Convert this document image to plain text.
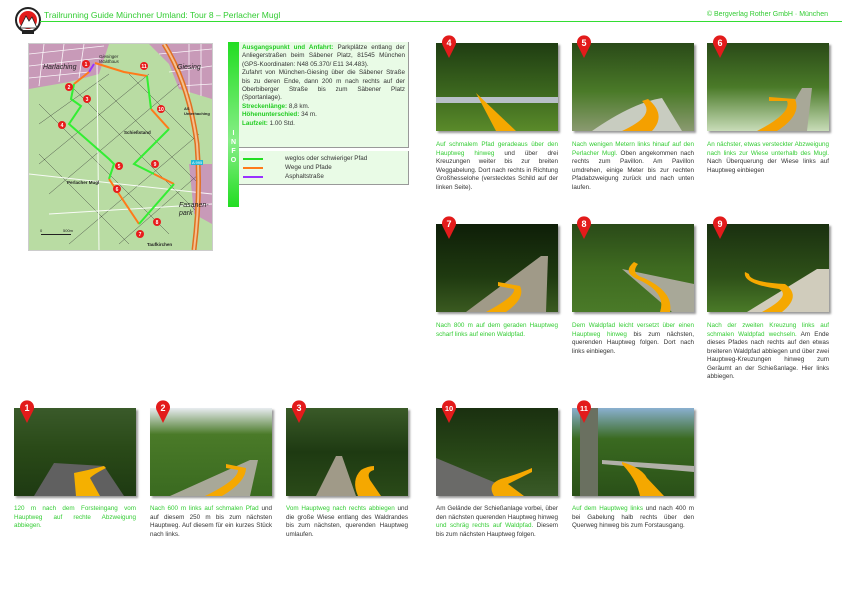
Trailrunning Guide Münchner Umland: Tour 8 – Perlacher Mugl	© Bergverlag Rother GmbH · München
1
2
3
4
5
6
7
8
9
10
11
Harlaching	Giesing
Giesinger Waldhaus
Schießstand
Perlacher Mugl
Fasanen-park
Taufkirchen
AS Unterhaching
A 995
0	500m
I
N
F
O
Ausgangspunkt und Anfahrt: Parkplätze entlang der Anliegerstraßen beim Säbener Platz, 81545 München (GPS-Koordinaten: N48 05.370/ E11 34.483).
Zufahrt von München-Giesing über die Säbener Straße bis zu deren Ende, dann 200 m nach rechts auf der Oberbiberger Straße bis zum Säbener Platz (Sportanlage).
Streckenlänge: 8,8 km.
Höhenunterschied: 34 m.
Laufzeit: 1.00 Std.
weglos oder schwieriger Pfad
Wege und Pfade
Asphaltstraße
4
Auf schmalem Pfad geradeaus über den Hauptweg hinweg und über drei Kreuzungen weiter bis zur breiten Weggabelung. Dort nach rechts in Richtung Großhesselohe (verstecktes Schild auf der linken Seite).
5
Nach wenigen Metern links hinauf auf den Perlacher Mugl. Oben angekommen nach rechts zum Pavillon. Am Pavillon umdrehen, einige Meter bis zur rechten Pfadabzweigung zurück und nach unten laufen.
6
An nächster, etwas versteckter Abzweigung nach links zur Wiese unterhalb des Mugl. Nach Überquerung der Wiese links auf Hauptweg einbiegen
7
Nach 800 m auf dem geraden Hauptweg scharf links auf einen Waldpfad.
8
Dem Waldpfad leicht versetzt über einen Hauptweg hinweg bis zum nächsten, querenden Hauptweg folgen. Dort nach links einbiegen.
9
Nach der zweiten Kreuzung links auf schmalen Waldpfad wechseln. Am Ende dieses Pfades nach rechts auf den etwas breiteren Waldpfad abbiegen und über zwei Hauptweg-Kreuzungen hinweg zum Geräumt an der Schießanlage. Hier links abbiegen.
1
120 m nach dem Forsteingang vom Hauptweg auf rechte Abzweigung abbiegen.
2
Nach 600 m links auf schmalen Pfad und auf diesem 250 m bis zum nächsten Hauptweg. Auf diesem für ein kurzes Stück nach links.
3
Vom Hauptweg nach rechts abbiegen und die große Wiese entlang des Waldrandes bis zum nächsten, querenden Hauptweg umlaufen.
10
Am Gelände der Schießanlage vorbei, über den nächsten querenden Hauptweg hinweg und schräg rechts auf Waldpfad. Diesem bis zum nächsten Hauptweg folgen.
11
Auf dem Hauptweg links und nach 400 m bei Gabelung halb rechts über den Querweg hinweg bis zum Forstausgang.
